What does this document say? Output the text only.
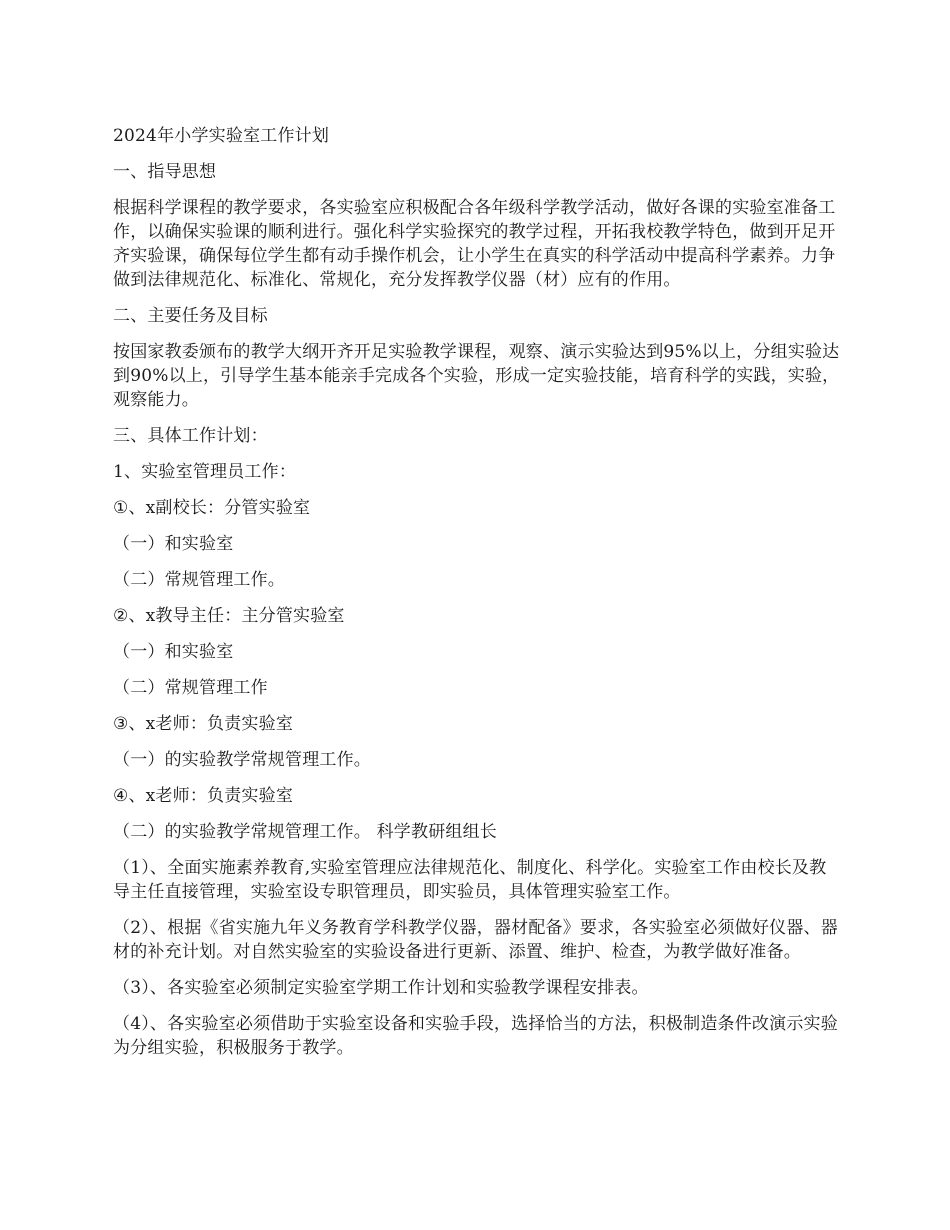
2024年小学实验室工作计划

一、指导思想

根据科学课程的教学要求，各实验室应积极配合各年级科学教学活动，做好各课的实验室准备工作，以确保实验课的顺利进行。强化科学实验探究的教学过程，开拓我校教学特色，做到开足开齐实验课，确保每位学生都有动手操作机会，让小学生在真实的科学活动中提高科学素养。力争做到法律规范化、标准化、常规化，充分发挥教学仪器（材）应有的作用。

二、主要任务及目标

按国家教委颁布的教学大纲开齐开足实验教学课程，观察、演示实验达到95%以上，分组实验达到90%以上，引导学生基本能亲手完成各个实验，形成一定实验技能，培育科学的实践，实验，观察能力。

三、具体工作计划：

1、实验室管理员工作：

①、x副校长：分管实验室

（一）和实验室

（二）常规管理工作。

②、x教导主任：主分管实验室

（一）和实验室

（二）常规管理工作

③、x老师：负责实验室

（一）的实验教学常规管理工作。

④、x老师：负责实验室

（二）的实验教学常规管理工作。 科学教研组组长

（1）、全面实施素养教育,实验室管理应法律规范化、制度化、科学化。实验室工作由校长及教导主任直接管理，实验室设专职管理员，即实验员，具体管理实验室工作。

（2）、根据《省实施九年义务教育学科教学仪器，器材配备》要求，各实验室必须做好仪器、器材的补充计划。对自然实验室的实验设备进行更新、添置、维护、检查，为教学做好准备。

（3）、各实验室必须制定实验室学期工作计划和实验教学课程安排表。

（4）、各实验室必须借助于实验室设备和实验手段，选择恰当的方法，积极制造条件改演示实验为分组实验，积极服务于教学。
